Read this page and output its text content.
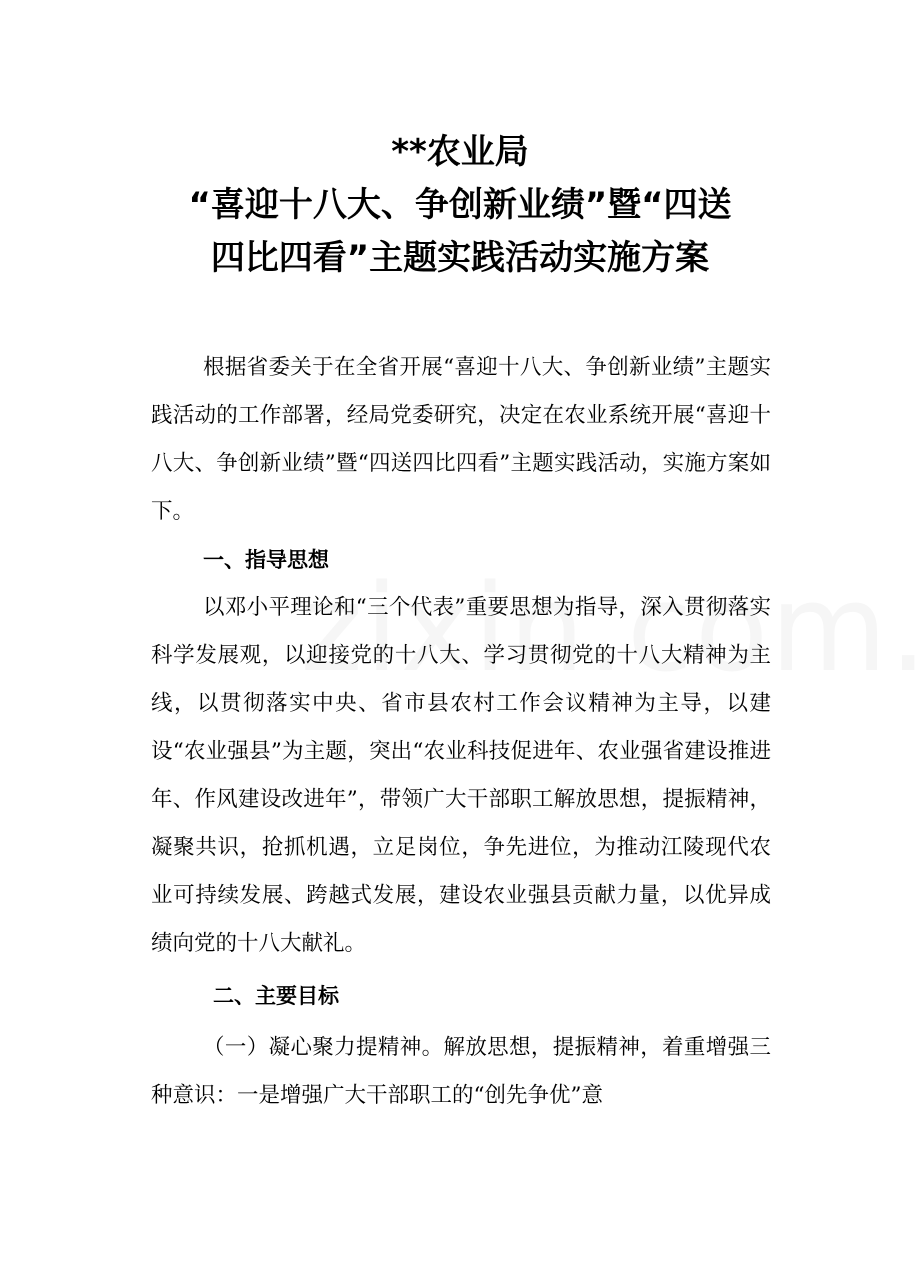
**农业局
“喜迎十八大、争创新业绩”暨“四送
四比四看”主题实践活动实施方案

根据省委关于在全省开展“喜迎十八大、争创新业绩”主题实践活动的工作部署，经局党委研究，决定在农业系统开展“喜迎十八大、争创新业绩”暨“四送四比四看”主题实践活动，实施方案如下。

一、指导思想

以邓小平理论和“三个代表”重要思想为指导，深入贯彻落实科学发展观，以迎接党的十八大、学习贯彻党的十八大精神为主线，以贯彻落实中央、省市县农村工作会议精神为主导，以建设“农业强县”为主题，突出“农业科技促进年、农业强省建设推进年、作风建设改进年”，带领广大干部职工解放思想，提振精神，凝聚共识，抢抓机遇，立足岗位，争先进位，为推动江陵现代农业可持续发展、跨越式发展，建设农业强县贡献力量，以优异成绩向党的十八大献礼。

二、主要目标

（一）凝心聚力提精神。解放思想，提振精神，着重增强三种意识：一是增强广大干部职工的“创先争优”意
